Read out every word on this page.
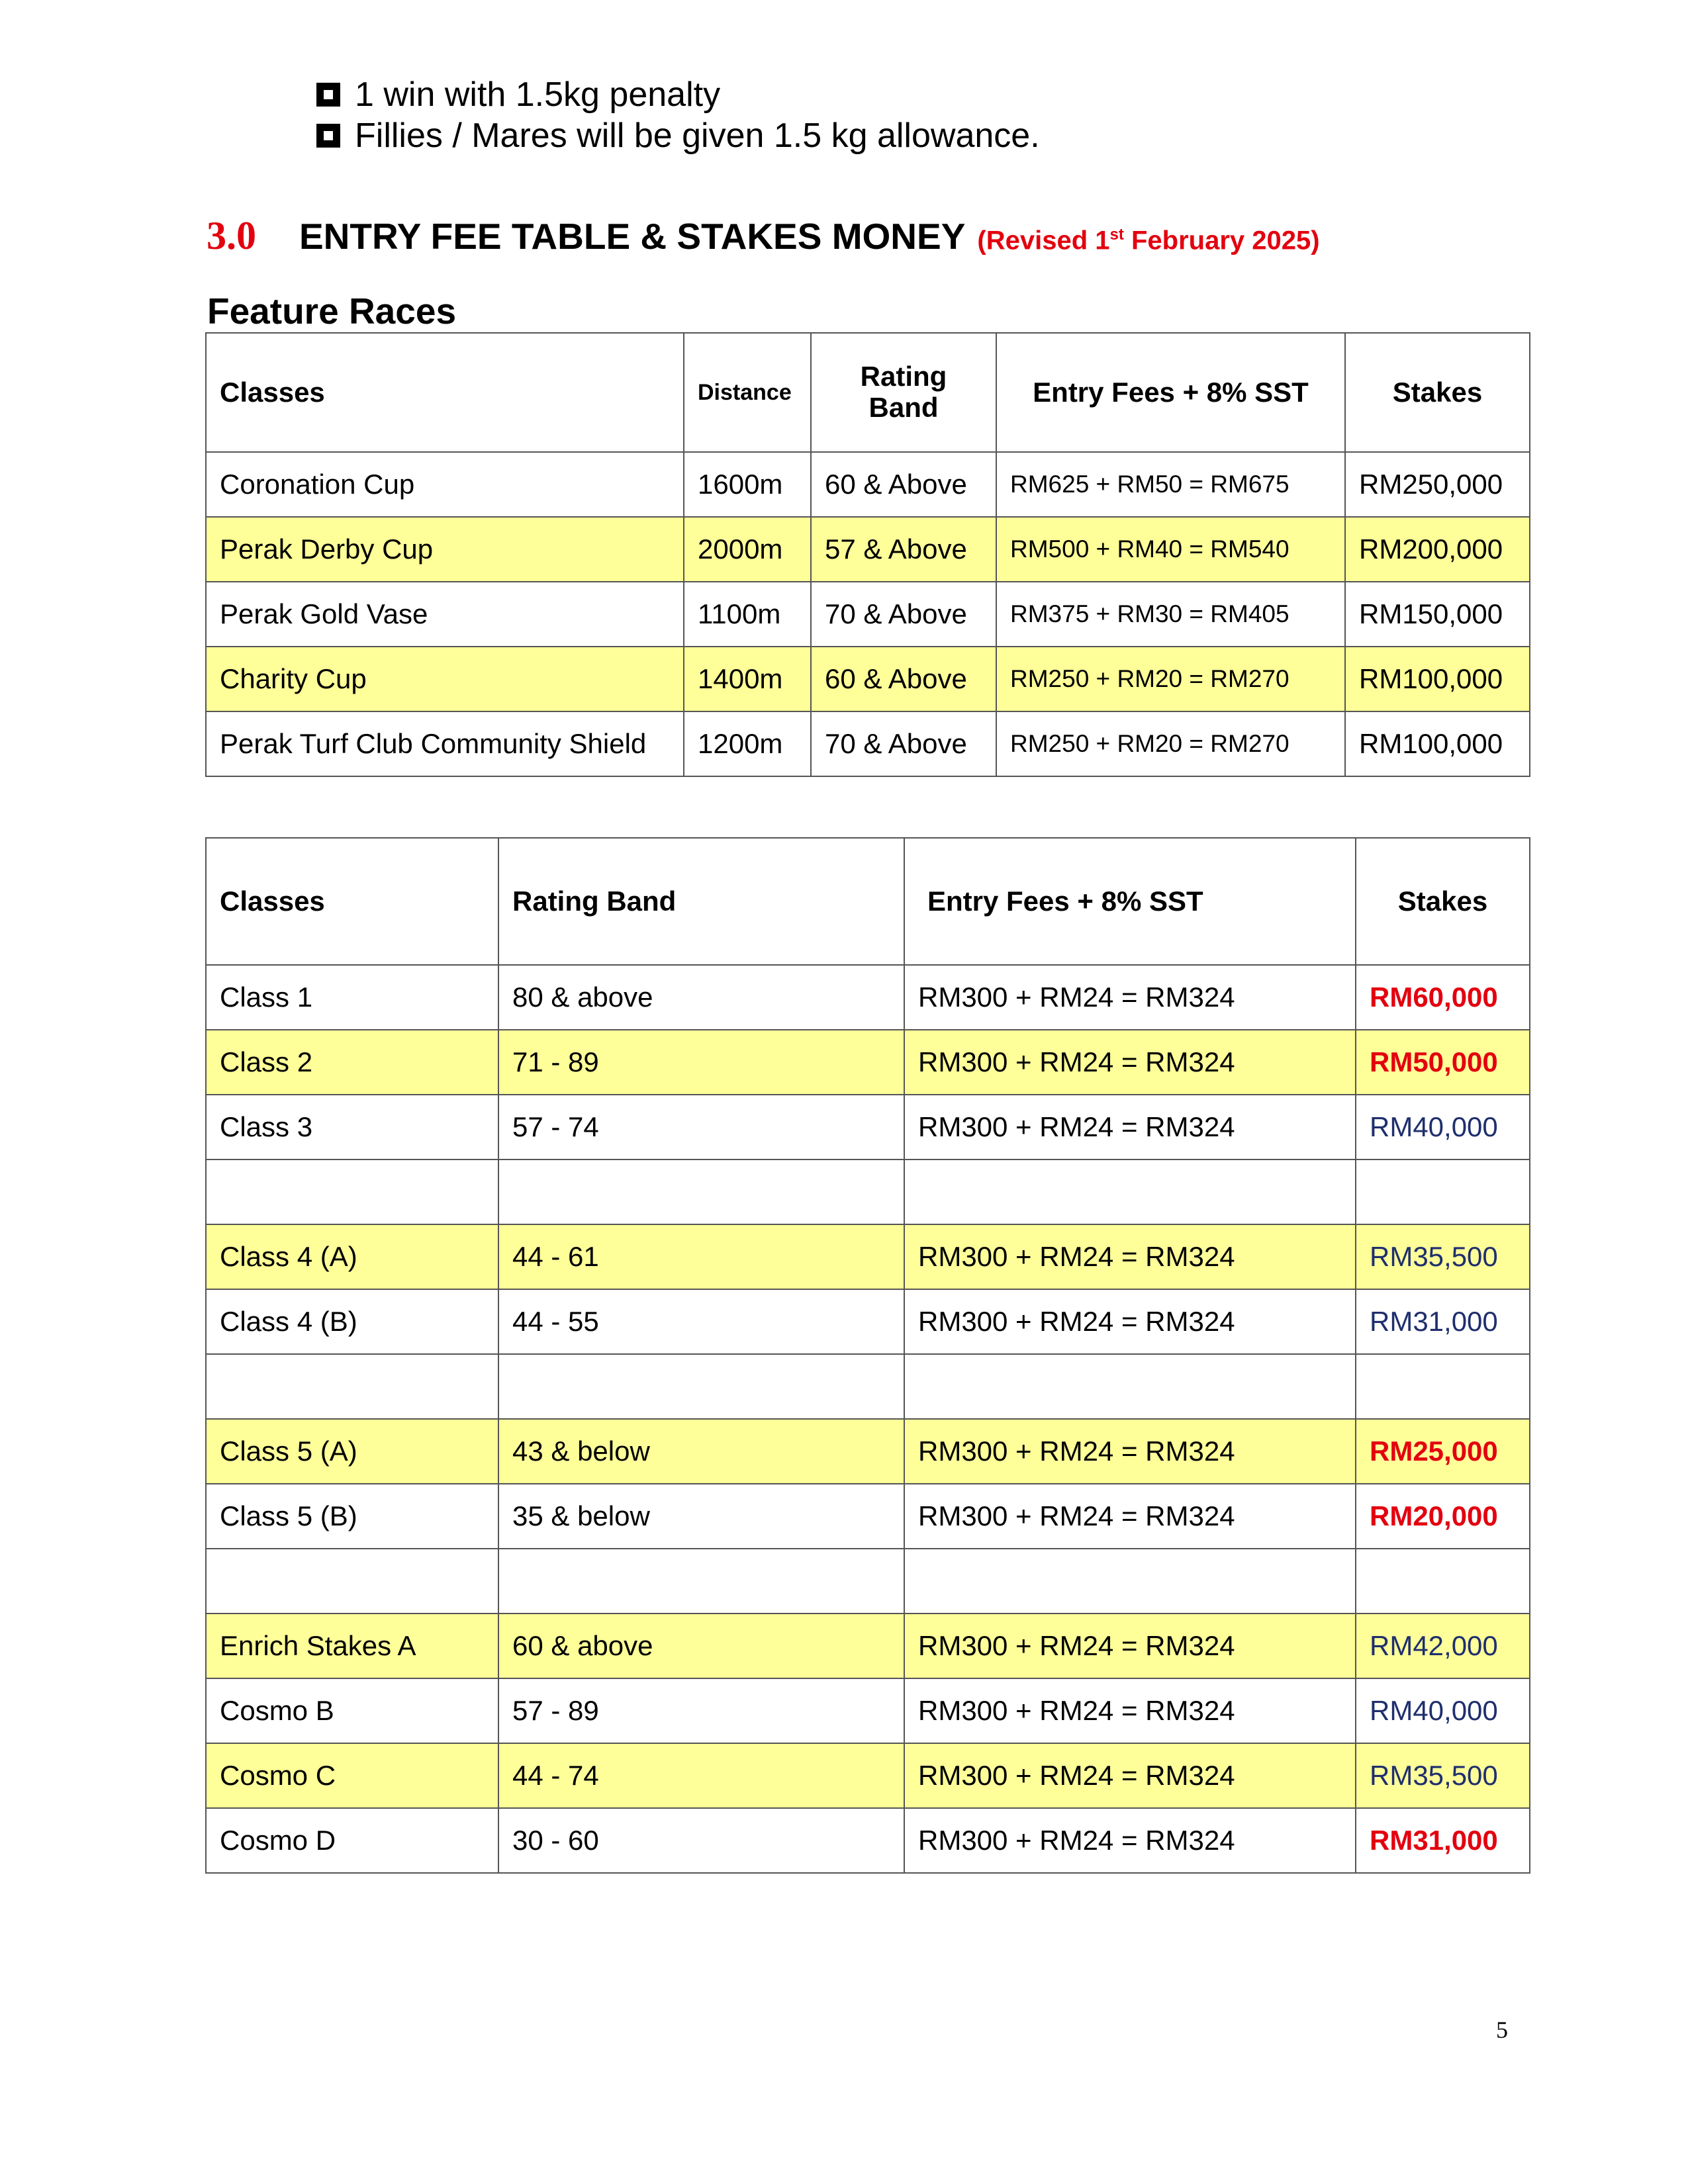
1 win with 1.5kg penalty
Fillies / Mares will be given 1.5 kg allowance.
3.0	ENTRY FEE TABLE & STAKES MONEY (Revised 1st February 2025)
Feature Races
Classes	Distance	Rating Band	Entry Fees + 8% SST	Stakes
Coronation Cup	1600m	60 & Above	RM625 + RM50 = RM675	RM250,000
Perak Derby Cup	2000m	57 & Above	RM500 + RM40 = RM540	RM200,000
Perak Gold Vase	1100m	70 & Above	RM375 + RM30 = RM405	RM150,000
Charity Cup	1400m	60 & Above	RM250 + RM20 = RM270	RM100,000
Perak Turf Club Community Shield	1200m	70 & Above	RM250 + RM20 = RM270	RM100,000
Classes	Rating Band	Entry Fees + 8% SST	Stakes
Class 1	80 & above	RM300 + RM24 = RM324	RM60,000
Class 2	71 - 89	RM300 + RM24 = RM324	RM50,000
Class 3	57 - 74	RM300 + RM24 = RM324	RM40,000

Class 4 (A)	44 - 61	RM300 + RM24 = RM324	RM35,500
Class 4 (B)	44 - 55	RM300 + RM24 = RM324	RM31,000

Class 5 (A)	43 & below	RM300 + RM24 = RM324	RM25,000
Class 5 (B)	35 & below	RM300 + RM24 = RM324	RM20,000

Enrich Stakes A	60 & above	RM300 + RM24 = RM324	RM42,000
Cosmo B	57 - 89	RM300 + RM24 = RM324	RM40,000
Cosmo C	44 - 74	RM300 + RM24 = RM324	RM35,500
Cosmo D	30 - 60	RM300 + RM24 = RM324	RM31,000
5
